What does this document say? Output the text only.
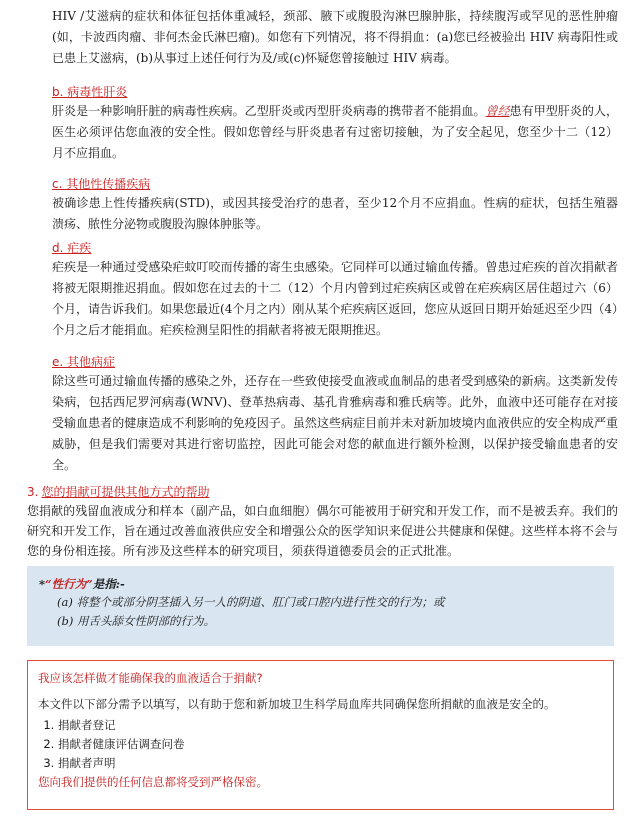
HIV /艾滋病的症状和体征包括体重减轻，颈部、腋下或腹股沟淋巴腺肿胀，持续腹泻或罕见的恶性肿瘤(如，卡波西肉瘤、非何杰金氏淋巴瘤)。如您有下列情况，将不得捐血：(a)您已经被验出 HIV 病毒阳性或已患上艾滋病，(b)从事过上述任何行为及/或(c)怀疑您曾接触过 HIV 病毒。

b. 病毒性肝炎

肝炎是一种影响肝脏的病毒性疾病。乙型肝炎或丙型肝炎病毒的携带者不能捐血。曾经患有甲型肝炎的人，医生必须评估您血液的安全性。假如您曾经与肝炎患者有过密切接触，为了安全起见，您至少十二（12）月不应捐血。

c. 其他性传播疾病

被确诊患上性传播疾病(STD)，或因其接受治疗的患者，至少12个月不应捐血。性病的症状，包括生殖器溃疡、脓性分泌物或腹股沟腺体肿胀等。

d. 疟疾

疟疾是一种通过受感染疟蚊叮咬而传播的寄生虫感染。它同样可以通过输血传播。曾患过疟疾的首次捐献者将被无限期推迟捐血。假如您在过去的十二（12）个月内曾到过疟疾病区或曾在疟疾病区居住超过六（6）个月，请告诉我们。如果您最近(4个月之内）刚从某个疟疾病区返回，您应从返回日期开始延迟至少四（4）个月之后才能捐血。疟疾检测呈阳性的捐献者将被无限期推迟。

e. 其他病症

除这些可通过输血传播的感染之外，还存在一些致使接受血液或血制品的患者受到感染的新病。这类新发传染病，包括西尼罗河病毒(WNV)、登革热病毒、基孔肯雅病毒和雅氏病等。此外，血液中还可能存在对接受输血患者的健康造成不利影响的免疫因子。虽然这些病症目前并未对新加坡境内血液供应的安全构成严重威胁，但是我们需要对其进行密切监控，因此可能会对您的献血进行额外检测，以保护接受输血患者的安全。

3. 您的捐献可提供其他方式的帮助

您捐献的残留血液成分和样本（副产品，如白血细胞）偶尔可能被用于研究和开发工作，而不是被丢弃。我们的研究和开发工作，旨在通过改善血液供应安全和增强公众的医学知识来促进公共健康和保健。这些样本将不会与您的身份相连接。所有涉及这些样本的研究项目，须获得道德委员会的正式批准。

*“性行为”是指:-
(a) 将整个或部分阴茎插入另一人的阴道、肛门或口腔内进行性交的行为；或
(b) 用舌头舔女性阴部的行为。
我应该怎样做才能确保我的血液适合于捐献?
本文件以下部分需予以填写，以有助于您和新加坡卫生科学局血库共同确保您所捐献的血液是安全的。
1. 捐献者登记
2. 捐献者健康评估调查问卷
3. 捐献者声明
您向我们提供的任何信息都将受到严格保密。
